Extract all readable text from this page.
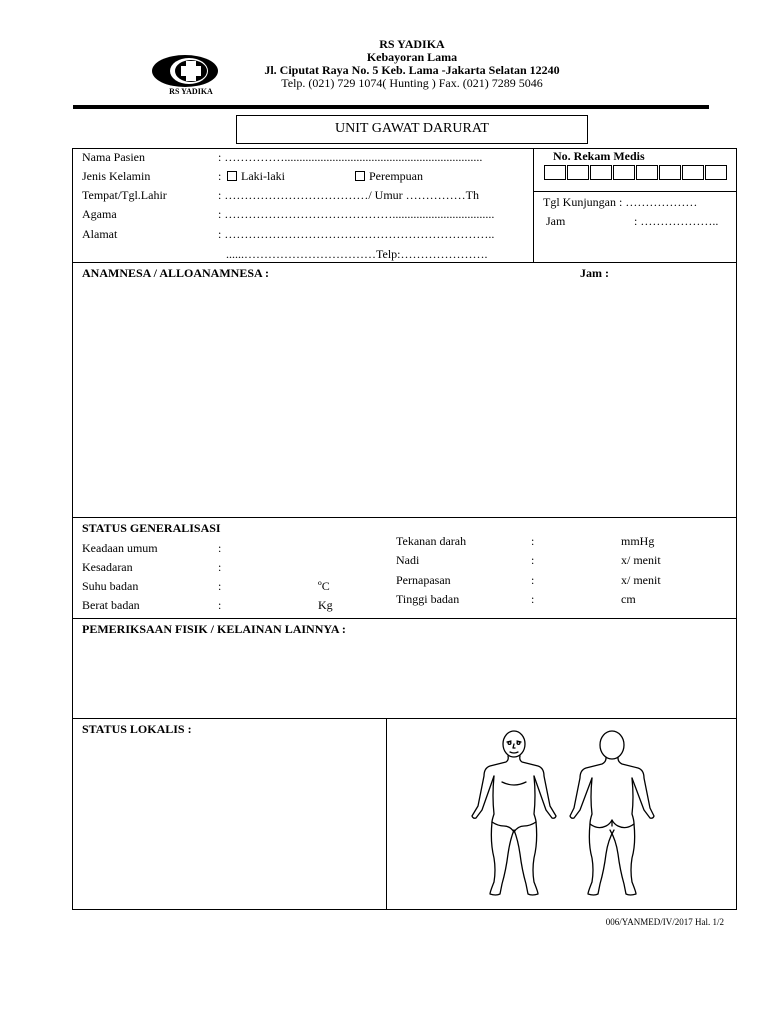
RS YADIKA
RS YADIKA
Kebayoran Lama
Jl. Ciputat Raya No. 5 Keb. Lama -Jakarta Selatan 12240
Telp. (021) 729 1074( Hunting ) Fax. (021) 7289 5046
UNIT GAWAT DARURAT
Nama Pasien	: ……………..................................................................
Jenis Kelamin	:	Laki-laki	Perempuan
Tempat/Tgl.Lahir	: ………………………………/ Umur ……………Th
Agama	: ……………………………………..................................
Alamat	: …………………………………………………………..
......……………………………Telp:………………….
No. Rekam Medis
Tgl Kunjungan : ………………
Jam	: ………………..
ANAMNESA / ALLOANAMNESA :	Jam :
STATUS GENERALISASI
Keadaan umum	:
Kesadaran	:
Suhu badan	:	ºC
Berat badan	:	Kg
Tekanan darah	:	mmHg
Nadi	:	x/ menit
Pernapasan	:	x/ menit
Tinggi badan	:	cm
PEMERIKSAAN FISIK / KELAINAN LAINNYA :
STATUS LOKALIS :
006/YANMED/IV/2017 Hal. 1/2
